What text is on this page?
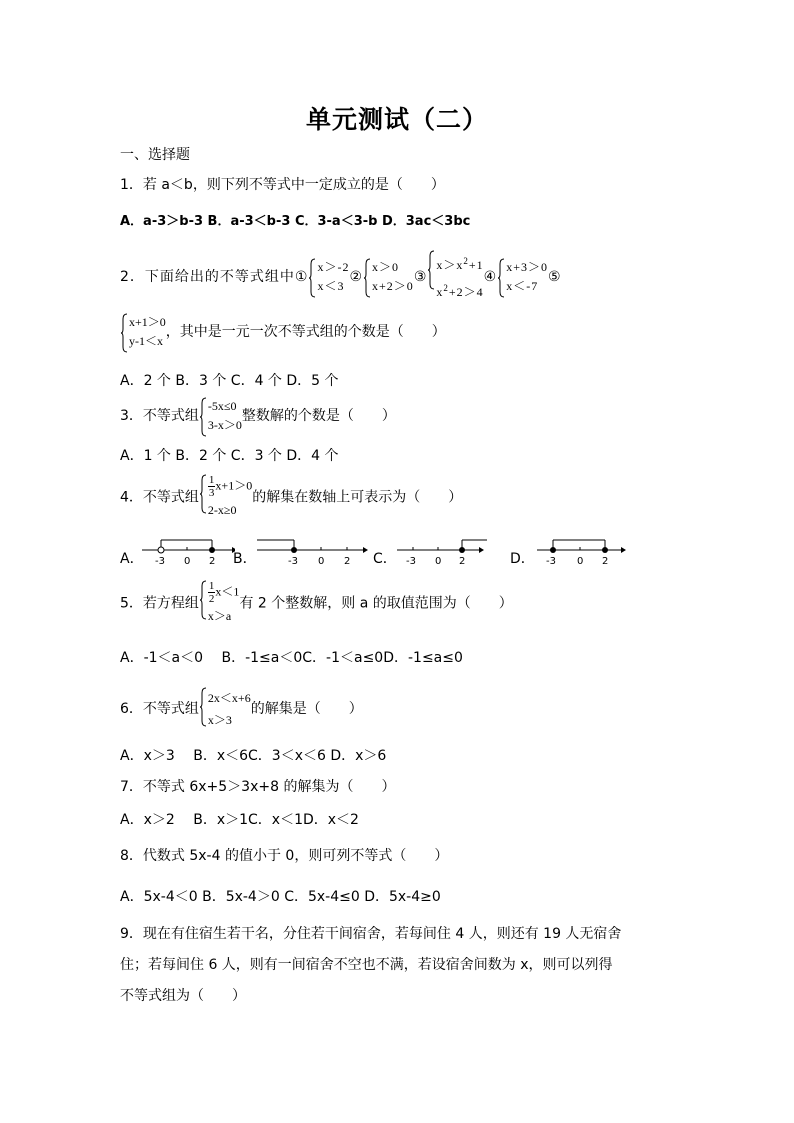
单元测试（二）
一、选择题
1．若 a＜b，则下列不等式中一定成立的是（　　）
A．a-3＞b-3 B．a-3＜b-3 C．3-a＜3-b D．3ac＜3bc
2．下面给出的不等式组中①
x＞-2
x＜3
②
x＞0
x+2＞0
③
$x>x^2+1$
$x^2+2>4$
④
x+3＞0
x＜-7
⑤
x+1＞0
y-1＜x
，其中是一元一次不等式组的个数是（　　）
A．2 个 B．3 个 C．4 个 D．5 个
3．不等式组
-5x≤0
3-x＞0
整数解的个数是（　　）
A．1 个 B．2 个 C．3 个 D．4 个
4．不等式组 $\frac{1}{3} x+1>0$
2-x≥0
的解集在数轴上可表示为（　　）
A． -3 0 2 B．	-3 0 2 C． -3 0 2	D． -3 0 2
5．若方程组 $\frac{1}{2} x<1$
x＞a
有 2 个整数解，则 a 的取值范围为（　　）
A．-1＜a＜0　 B．-1≤a＜0C．-1＜a≤0D．-1≤a≤0
6．不等式组
2x＜x+6
x＞3
的解集是（　　）
A．x＞3　 B．x＜6C．3＜x＜6 D．x＞6
7．不等式 6x+5＞3x+8 的解集为（　　）
A．x＞2　 B．x＞1C．x＜1D．x＜2
8．代数式 5x-4 的值小于 0，则可列不等式（　　）
A．5x-4＜0 B．5x-4＞0 C．5x-4≤0 D．5x-4≥0
9．现在有住宿生若干名，分住若干间宿舍，若每间住 4 人，则还有 19 人无宿舍
住；若每间住 6 人，则有一间宿舍不空也不满，若设宿舍间数为 x，则可以列得
不等式组为（　　）
